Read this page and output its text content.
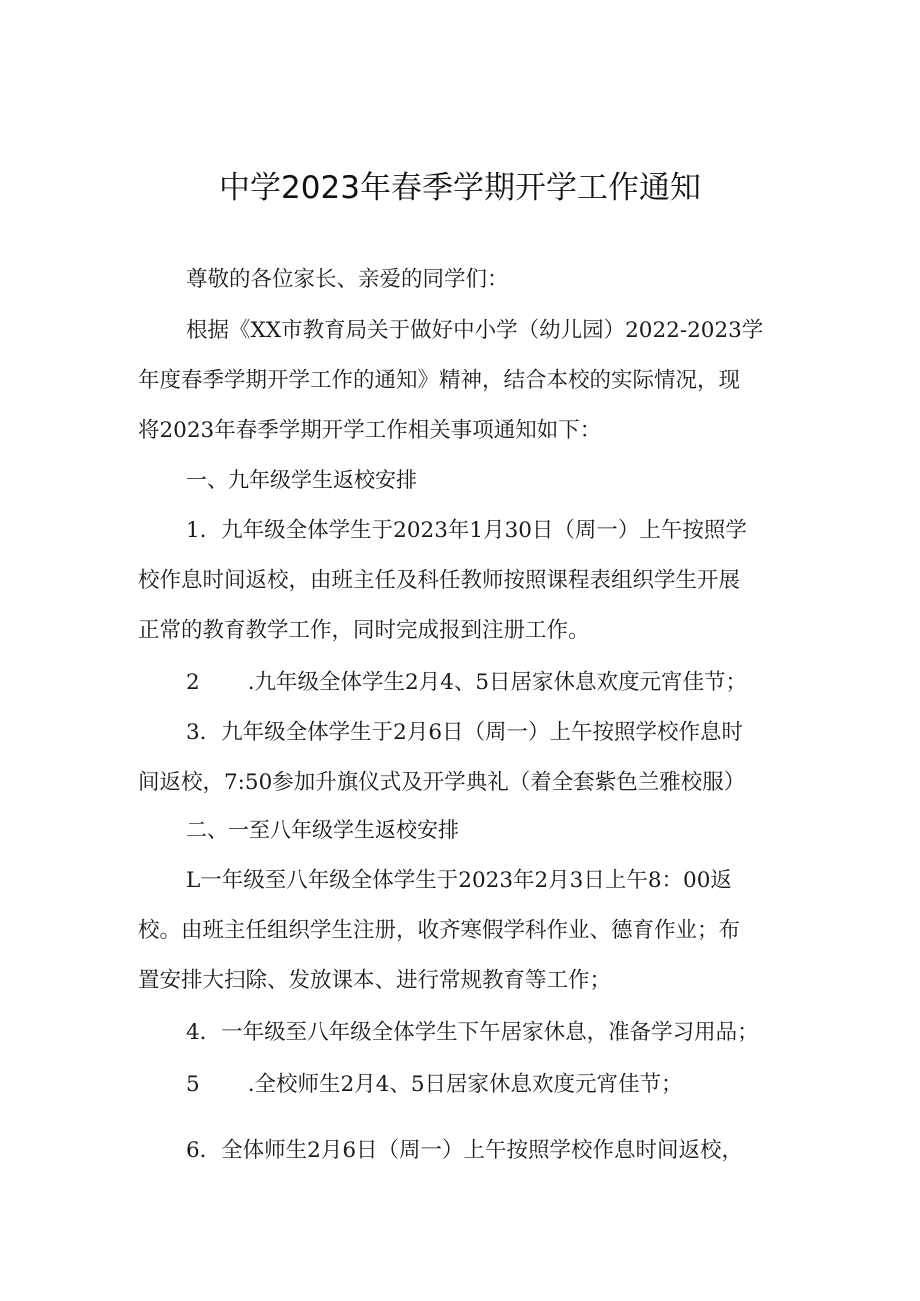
中学2023年春季学期开学工作通知
尊敬的各位家长、亲爱的同学们：
根据《XX市教育局关于做好中小学（幼儿园）2022-2023学
年度春季学期开学工作的通知》精神，结合本校的实际情况，现
将2023年春季学期开学工作相关事项通知如下：
一、九年级学生返校安排
1．九年级全体学生于2023年1月30日（周一）上午按照学
校作息时间返校，由班主任及科任教师按照课程表组织学生开展
正常的教育教学工作，同时完成报到注册工作。
2 .九年级全体学生2月4、5日居家休息欢度元宵佳节；
3．九年级全体学生于2月6日（周一）上午按照学校作息时
间返校，7:50参加升旗仪式及开学典礼（着全套紫色兰雅校服）
二、一至八年级学生返校安排
L一年级至八年级全体学生于2023年2月3日上午8：00返
校。由班主任组织学生注册，收齐寒假学科作业、德育作业；布
置安排大扫除、发放课本、进行常规教育等工作；
4．一年级至八年级全体学生下午居家休息，准备学习用品；
5 .全校师生2月4、5日居家休息欢度元宵佳节；
6．全体师生2月6日（周一）上午按照学校作息时间返校，
